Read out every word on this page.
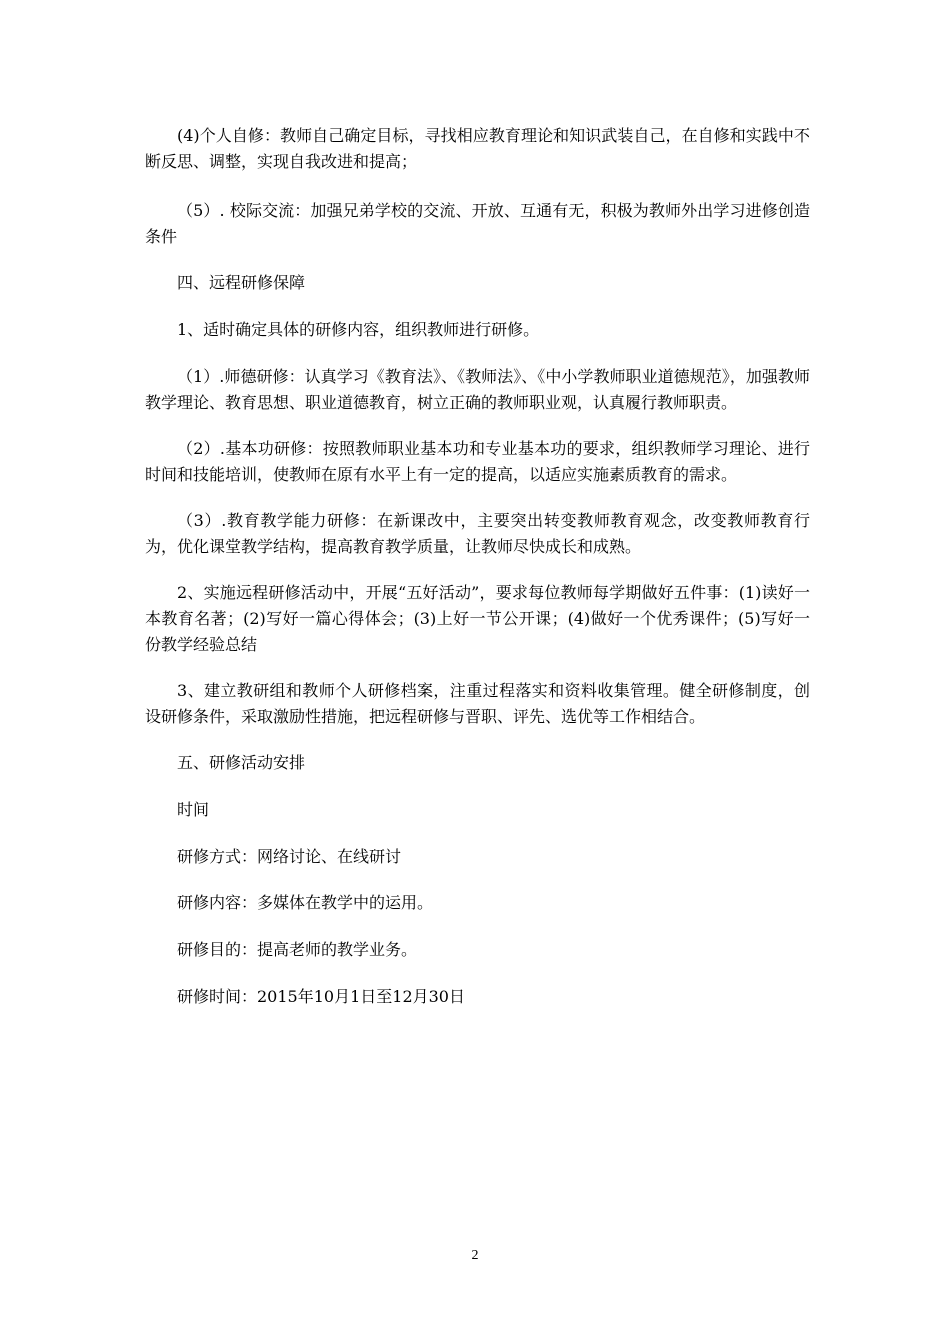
(4)个人自修：教师自己确定目标，寻找相应教育理论和知识武装自己，在自修和实践中不断反思、调整，实现自我改进和提高；

（5）. 校际交流：加强兄弟学校的交流、开放、互通有无，积极为教师外出学习进修创造条件

四、远程研修保障

1、适时确定具体的研修内容，组织教师进行研修。

（1）.师德研修：认真学习《教育法》、《教师法》、《中小学教师职业道德规范》，加强教师教学理论、教育思想、职业道德教育，树立正确的教师职业观，认真履行教师职责。

（2）.基本功研修：按照教师职业基本功和专业基本功的要求，组织教师学习理论、进行时间和技能培训，使教师在原有水平上有一定的提高，以适应实施素质教育的需求。

（3）.教育教学能力研修：在新课改中，主要突出转变教师教育观念，改变教师教育行为，优化课堂教学结构，提高教育教学质量，让教师尽快成长和成熟。

2、实施远程研修活动中，开展“五好活动”，要求每位教师每学期做好五件事：(1)读好一本教育名著；(2)写好一篇心得体会；(3)上好一节公开课；(4)做好一个优秀课件；(5)写好一份教学经验总结

3、建立教研组和教师个人研修档案，注重过程落实和资料收集管理。健全研修制度，创设研修条件，采取激励性措施，把远程研修与晋职、评先、选优等工作相结合。

五、研修活动安排

时间

研修方式：网络讨论、在线研讨

研修内容：多媒体在教学中的运用。

研修目的：提高老师的教学业务。

研修时间：2015年10月1日至12月30日

2
